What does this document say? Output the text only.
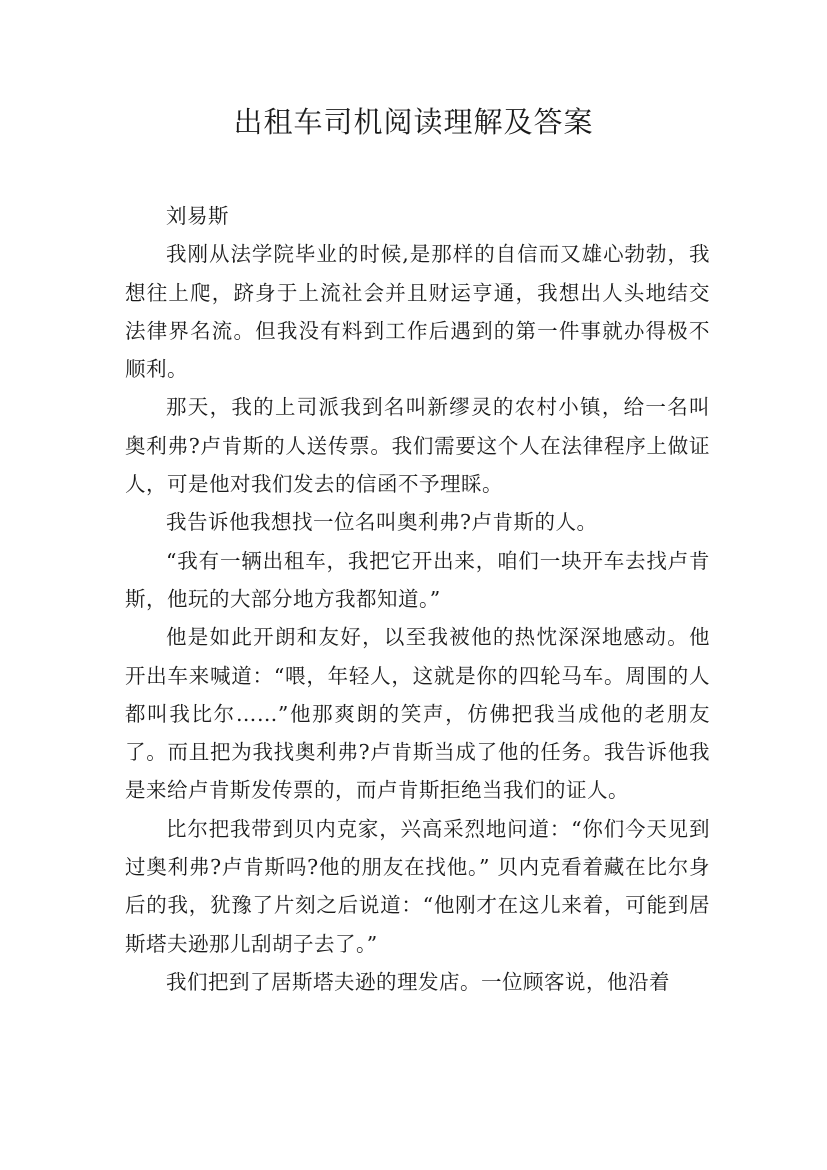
出租车司机阅读理解及答案

刘易斯

我刚从法学院毕业的时候,是那样的自信而又雄心勃勃，我想往上爬，跻身于上流社会并且财运亨通，我想出人头地结交法律界名流。但我没有料到工作后遇到的第一件事就办得极不顺利。

那天，我的上司派我到名叫新缪灵的农村小镇，给一名叫奥利弗?卢肯斯的人送传票。我们需要这个人在法律程序上做证人，可是他对我们发去的信函不予理睬。

我告诉他我想找一位名叫奥利弗?卢肯斯的人。

“我有一辆出租车，我把它开出来，咱们一块开车去找卢肯斯，他玩的大部分地方我都知道。”

他是如此开朗和友好，以至我被他的热忱深深地感动。他开出车来喊道：“喂，年轻人，这就是你的四轮马车。周围的人都叫我比尔……”他那爽朗的笑声，仿佛把我当成他的老朋友了。而且把为我找奥利弗?卢肯斯当成了他的任务。我告诉他我是来给卢肯斯发传票的，而卢肯斯拒绝当我们的证人。

比尔把我带到贝内克家，兴高采烈地问道：“你们今天见到过奥利弗?卢肯斯吗?他的朋友在找他。” 贝内克看着藏在比尔身后的我，犹豫了片刻之后说道：“他刚才在这儿来着，可能到居斯塔夫逊那儿刮胡子去了。”

我们把到了居斯塔夫逊的理发店。一位顾客说，他沿着
